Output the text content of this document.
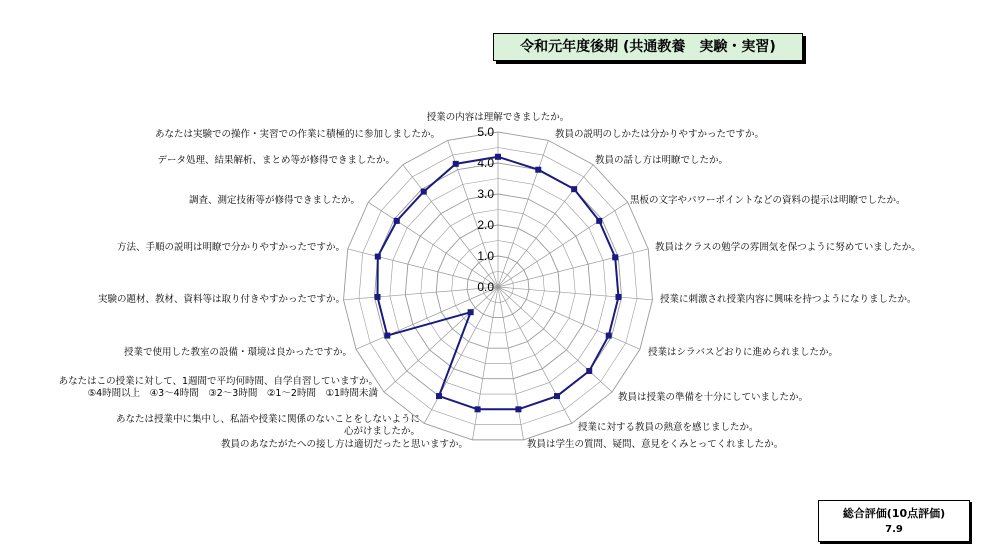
令和元年度後期 (共通教養　実験・実習)
0.0
1.0
2.0
3.0
4.0
5.0
授業の内容は理解できましたか。
教員の説明のしかたは分かりやすかったですか。
教員の話し方は明瞭でしたか。
黒板の文字やパワーポイントなどの資料の提示は明瞭でしたか。
教員はクラスの勉学の雰囲気を保つように努めていましたか。
授業に刺激され授業内容に興味を持つようになりましたか。
授業はシラバスどおりに進められましたか。
教員は授業の準備を十分にしていましたか。
授業に対する教員の熱意を感じましたか。
教員は学生の質問、疑問、意見をくみとってくれましたか。
教員のあなたがたへの接し方は適切だったと思いますか。
あなたは授業中に集中し、私語や授業に関係のないことをしないように心がけましたか。
あなたはこの授業に対して、1週間で平均何時間、自学自習していますか。 ⑤4時間以上　④3～4時間　③2～3時間　②1～2時間　①1時間未満
授業で使用した教室の設備・環境は良かったですか。
実験の題材、教材、資料等は取り付きやすかったですか。
方法、手順の説明は明瞭で分かりやすかったですか。
調査、測定技術等が修得できましたか。
データ処理、結果解析、まとめ等が修得できましたか。
あなたは実験での操作・実習での作業に積極的に参加しましたか。
総合評価(10点評価)
7.9
